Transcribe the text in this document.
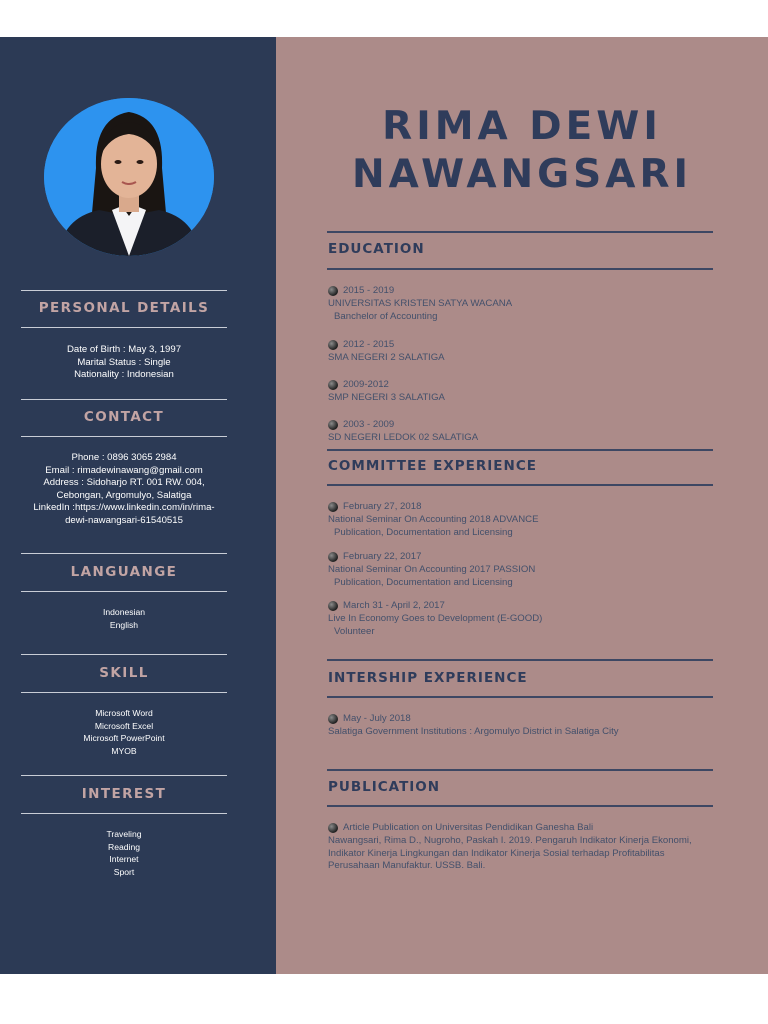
PERSONAL DETAILS
Date of Birth : May 3, 1997
Marital Status : Single
Nationality : Indonesian
CONTACT
Phone : 0896 3065 2984
Email : rimadewinawang@gmail.com
Address : Sidoharjo RT. 001 RW. 004,
Cebongan, Argomulyo, Salatiga
LinkedIn :https://www.linkedin.com/in/rima-
dewi-nawangsari-61540515
LANGUANGE
Indonesian
English
SKILL
Microsoft Word
Microsoft Excel
Microsoft PowerPoint
MYOB
INTEREST
Traveling
Reading
Internet
Sport
RIMA DEWI
NAWANGSARI
EDUCATION
2015 - 2019
UNIVERSITAS KRISTEN SATYA WACANA
Banchelor of Accounting
2012 - 2015
SMA NEGERI 2 SALATIGA
2009-2012
SMP NEGERI 3 SALATIGA
2003 - 2009
SD NEGERI LEDOK 02 SALATIGA
COMMITTEE EXPERIENCE
February 27, 2018
National Seminar On Accounting 2018 ADVANCE
Publication, Documentation and Licensing
February 22, 2017
National Seminar On Accounting 2017 PASSION
Publication, Documentation and Licensing
March 31 - April 2, 2017
Live In Economy Goes to Development (E-GOOD)
Volunteer
INTERSHIP EXPERIENCE
May - July 2018
Salatiga Government Institutions : Argomulyo District in Salatiga City
PUBLICATION
Article Publication on Universitas Pendidikan Ganesha Bali
Nawangsari, Rima D., Nugroho, Paskah I. 2019. Pengaruh Indikator Kinerja Ekonomi, Indikator Kinerja Lingkungan dan Indikator Kinerja Sosial terhadap Profitabilitas Perusahaan Manufaktur. USSB. Bali.
